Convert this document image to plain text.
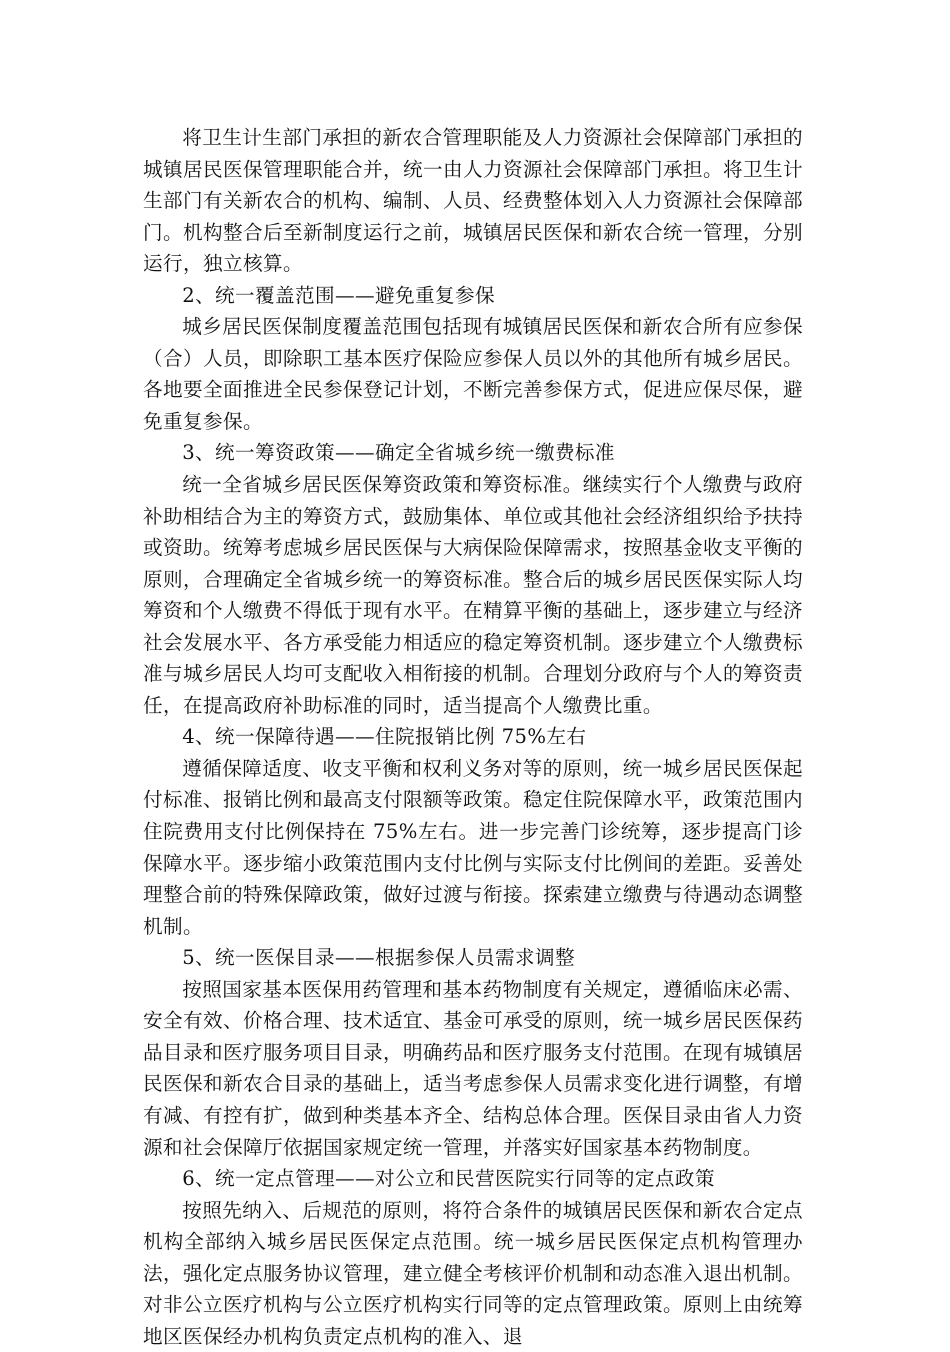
将卫生计生部门承担的新农合管理职能及人力资源社会保障部门承担的城镇居民医保管理职能合并，统一由人力资源社会保障部门承担。将卫生计生部门有关新农合的机构、编制、人员、经费整体划入人力资源社会保障部门。机构整合后至新制度运行之前，城镇居民医保和新农合统一管理，分别运行，独立核算。

2、统一覆盖范围——避免重复参保

城乡居民医保制度覆盖范围包括现有城镇居民医保和新农合所有应参保（合）人员，即除职工基本医疗保险应参保人员以外的其他所有城乡居民。各地要全面推进全民参保登记计划，不断完善参保方式，促进应保尽保，避免重复参保。

3、统一筹资政策——确定全省城乡统一缴费标准

统一全省城乡居民医保筹资政策和筹资标准。继续实行个人缴费与政府补助相结合为主的筹资方式，鼓励集体、单位或其他社会经济组织给予扶持或资助。统筹考虑城乡居民医保与大病保险保障需求，按照基金收支平衡的原则，合理确定全省城乡统一的筹资标准。整合后的城乡居民医保实际人均筹资和个人缴费不得低于现有水平。在精算平衡的基础上，逐步建立与经济社会发展水平、各方承受能力相适应的稳定筹资机制。逐步建立个人缴费标准与城乡居民人均可支配收入相衔接的机制。合理划分政府与个人的筹资责任，在提高政府补助标准的同时，适当提高个人缴费比重。

4、统一保障待遇——住院报销比例 75%左右

遵循保障适度、收支平衡和权利义务对等的原则，统一城乡居民医保起付标准、报销比例和最高支付限额等政策。稳定住院保障水平，政策范围内住院费用支付比例保持在 75%左右。进一步完善门诊统筹，逐步提高门诊保障水平。逐步缩小政策范围内支付比例与实际支付比例间的差距。妥善处理整合前的特殊保障政策，做好过渡与衔接。探索建立缴费与待遇动态调整机制。

5、统一医保目录——根据参保人员需求调整

按照国家基本医保用药管理和基本药物制度有关规定，遵循临床必需、安全有效、价格合理、技术适宜、基金可承受的原则，统一城乡居民医保药品目录和医疗服务项目目录，明确药品和医疗服务支付范围。在现有城镇居民医保和新农合目录的基础上，适当考虑参保人员需求变化进行调整，有增有减、有控有扩，做到种类基本齐全、结构总体合理。医保目录由省人力资源和社会保障厅依据国家规定统一管理，并落实好国家基本药物制度。

6、统一定点管理——对公立和民营医院实行同等的定点政策

按照先纳入、后规范的原则，将符合条件的城镇居民医保和新农合定点机构全部纳入城乡居民医保定点范围。统一城乡居民医保定点机构管理办法，强化定点服务协议管理，建立健全考核评价机制和动态准入退出机制。对非公立医疗机构与公立医疗机构实行同等的定点管理政策。原则上由统筹地区医保经办机构负责定点机构的准入、退
